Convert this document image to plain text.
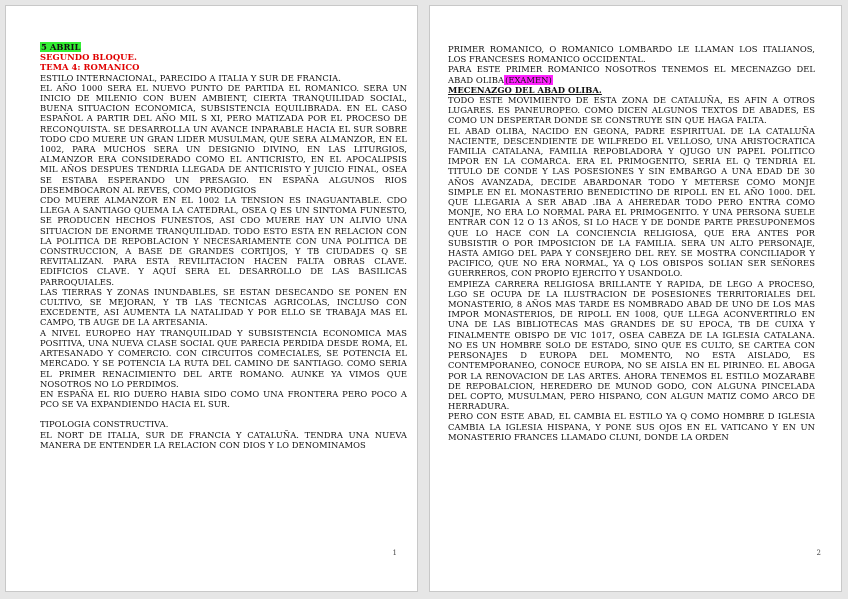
5 ABRIL

SEGUNDO BLOQUE.

TEMA 4: ROMANICO

ESTILO INTERNACIONAL, PARECIDO A ITALIA Y SUR DE FRANCIA.

EL AÑO 1000 SERA EL NUEVO PUNTO DE PARTIDA EL ROMANICO. SERA UN INICIO DE MILENIO CON BUEN AMBIENT, CIERTA TRANQUILIDAD SOCIAL, BUENA SITUACION ECONOMICA, SUBSISTENCIA EQUILIBRADA. EN EL CASO ESPAÑOL A PARTIR DEL AÑO MIL S XI, PERO MATIZADA POR EL PROCESO DE RECONQUISTA. SE DESARROLLA UN AVANCE INPARABLE HACIA EL SUR SOBRE TODO CDO MUERE UN GRAN LIDER MUSULMAN, QUE SERA ALMANZOR, EN EL 1002, PARA MUCHOS SERA UN DESIGNIO DIVINO, EN LAS LITURGIOS, ALMANZOR ERA CONSIDERADO COMO EL ANTICRISTO, EN EL APOCALIPSIS MIL AÑOS DESPUES TENDRIA LLEGADA DE ANTICRISTO Y JUICIO FINAL, OSEA SE ESTABA ESPERANDO UN PRESAGIO. EN ESPAÑA ALGUNOS RIOS DESEMBOCARON AL REVES, COMO PRODIGIOS

CDO MUERE ALMANZOR EN EL 1002 LA TENSION ES INAGUANTABLE. CDO LLEGA A SANTIAGO QUEMA LA CATEDRAL, OSEA Q ES UN SINTOMA FUNESTO, SE PRODUCEN HECHOS FUNESTOS, ASI CDO MUERE HAY UN ALIVIO UNA SITUACION DE ENORME TRANQUILIDAD. TODO ESTO ESTA EN RELACION CON LA POLITICA DE REPOBLACION Y NECESARIAMENTE CON UNA POLITICA DE CONSTRUCCION, A BASE DE GRANDES CORTIJOS, Y TB CIUDADES Q SE REVITALIZAN. PARA ESTA REVILITACION HACEN FALTA OBRAS CLAVE. EDIFICIOS CLAVE. Y AQUÍ SERA EL DESARROLLO DE LAS BASILICAS PARROQUIALES.

LAS TIERRAS Y ZONAS INUNDABLES, SE ESTAN DESECANDO SE PONEN EN CULTIVO, SE MEJORAN, Y TB LAS TECNICAS AGRICOLAS, INCLUSO CON EXCEDENTE, ASI AUMENTA LA NATALIDAD Y POR ELLO SE TRABAJA MAS EL CAMPO, TB AUGE DE LA ARTESANIA.

A NIVEL EUROPEO HAY TRANQUILIDAD Y SUBSISTENCIA ECONOMICA MAS POSITIVA, UNA NUEVA CLASE SOCIAL QUE PARECIA PERDIDA DESDE ROMA, EL ARTESANADO Y COMERCIO. CON CIRCUITOS COMECIALES, SE POTENCIA EL MERCADO. Y SE POTENCIA LA RUTA DEL CAMINO DE SANTIAGO. COMO SERIA EL PRIMER RENACIMIENTO DEL ARTE ROMANO. AUNKE YA VIMOS QUE NOSOTROS NO LO PERDIMOS.

EN ESPAÑA EL RIO DUERO HABIA SIDO COMO UNA FRONTERA PERO POCO A PCO SE VA EXPANDIENDO HACIA EL SUR.

TIPOLOGIA CONSTRUCTIVA.

EL NORT DE ITALIA, SUR DE FRANCIA Y CATALUÑA. TENDRA UNA NUEVA MANERA DE ENTENDER LA RELACION CON DIOS Y LO DENOMINAMOS

1

PRIMER ROMANICO, O ROMANICO LOMBARDO LE LLAMAN LOS ITALIANOS, LOS FRANCESES ROMANICO OCCIDENTAL.

PARA ESTE PRIMER ROMANICO NOSOTROS TENEMOS EL MECENAZGO DEL ABAD OLIBA(EXAMEN)

MECENAZGO DEL ABAD OLIBA.

TODO ESTE MOVIMIENTO DE ESTA ZONA DE CATALUÑA, ES AFIN A OTROS LUGARES. ES PANEUROPEO. COMO DICEN ALGUNOS TEXTOS DE ABADES, ES COMO UN DESPERTAR DONDE SE CONSTRUYE SIN QUE HAGA FALTA.

EL ABAD OLIBA, NACIDO EN GEONA, PADRE ESPIRITUAL DE LA CATALUÑA NACIENTE, DESCENDIENTE DE WILFREDO EL VELLOSO, UNA ARISTOCRATICA FAMILIA CATALANA, FAMILIA REPOBLADORA Y QJUGO UN PAPEL POLITICO IMPOR EN LA COMARCA. ERA EL PRIMOGENITO, SERIA EL Q TENDRIA EL TITULO DE CONDE Y LAS POSESIONES Y SIN EMBARGO A UNA EDAD DE 30 AÑOS AVANZADA, DECIDE ABARDONAR TODO Y METERSE COMO MONJE SIMPLE EN EL MONASTERIO BENEDICTINO DE RIPOLL EN EL AÑO 1000. DEL QUE LLEGARIA A SER ABAD .IBA A AHEREDAR TODO PERO ENTRA COMO MONJE, NO ERA LO NORMAL PARA EL PRIMOGENITO. Y UNA PERSONA SUELE ENTRAR CON 12 O 13 AÑOS, SI LO HACE Y DE DONDE PARTE PRESUPONEMOS QUE LO HACE CON LA CONCIENCIA RELIGIOSA, QUE ERA ANTES POR SUBSISTIR O POR IMPOSICION DE LA FAMILIA. SERA UN ALTO PERSONAJE, HASTA AMIGO DEL PAPA Y CONSEJERO DEL REY. SE MOSTRA CONCILIADOR Y PACIFICO, QUE NO ERA NORMAL, YA Q LOS OBISPOS SOLIAN SER SEÑORES GUERREROS, CON PROPIO EJERCITO Y USANDOLO.

EMPIEZA CARRERA RELIGIOSA BRILLANTE Y RAPIDA, DE LEGO A PROCESO, LGO SE OCUPA DE LA ILUSTRACION DE POSESIONES TERRITORIALES DEL MONASTERIO, 8 AÑOS MAS TARDE ES NOMBRADO ABAD DE UNO DE LOS MAS IMPOR MONASTERIOS, DE RIPOLL EN 1008, QUE LLEGA ACONVERTIRLO EN UNA DE LAS BIBLIOTECAS MAS GRANDES DE SU EPOCA, TB DE CUIXA Y FINALMENTE OBISPO DE VIC 1017, OSEA CABEZA DE LA IGLESIA CATALANA. NO ES UN HOMBRE SOLO DE ESTADO, SINO QUE ES CULTO, SE CARTEA CON PERSONAJES D EUROPA DEL MOMENTO, NO ESTA AISLADO, ES CONTEMPORANEO, CONOCE EUROPA, NO SE AISLA EN EL PIRINEO. EL ABOGA POR LA RENOVACION DE LAS ARTES. AHORA TENEMOS EL ESTILO MOZARABE DE REPOBALCION, HEREDERO DE MUNOD GODO, CON ALGUNA PINCELADA DEL COPTO, MUSULMAN, PERO HISPANO, CON ALGUN MATIZ COMO ARCO DE HERRADURA.

PERO CON ESTE ABAD, EL CAMBIA EL ESTILO YA Q COMO HOMBRE D IGLESIA CAMBIA LA IGLESIA HISPANA, Y PONE SUS OJOS EN EL VATICANO Y EN UN MONASTERIO FRANCES LLAMADO CLUNI, DONDE LA ORDEN

2
